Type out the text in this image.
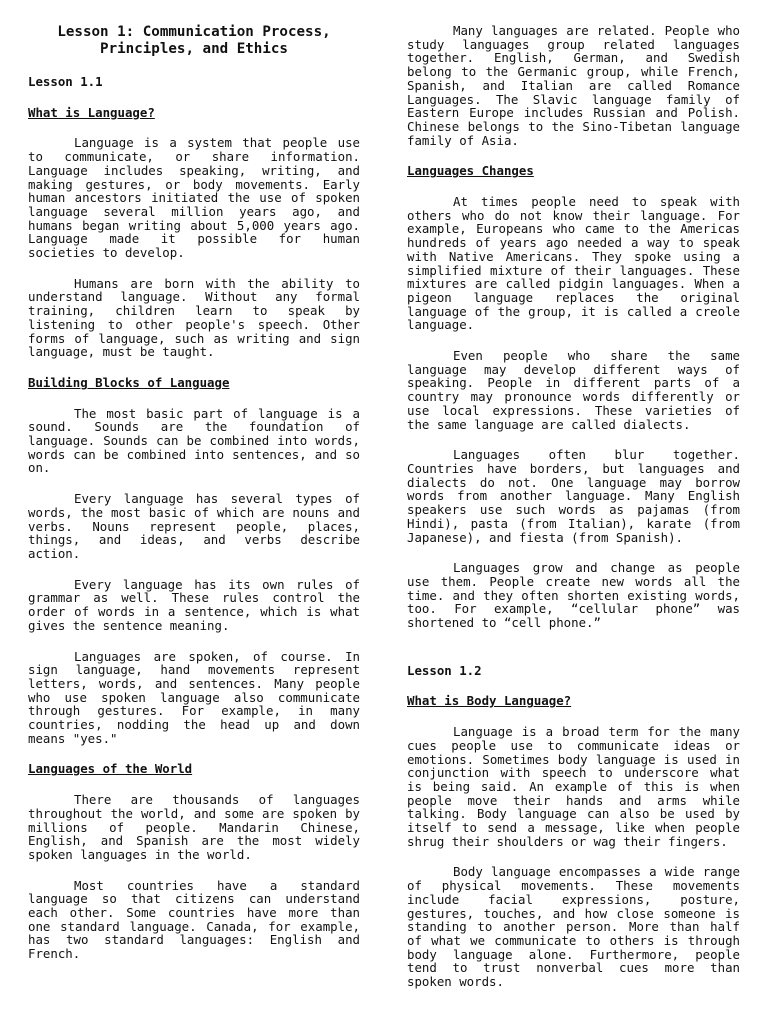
Lesson 1: Communication Process, Principles, and Ethics
Lesson 1.1
What is Language?

Language is a system that people use to communicate, or share information. Language includes speaking, writing, and making gestures, or body movements. Early human ancestors initiated the use of spoken language several million years ago, and humans began writing about 5,000 years ago. Language made it possible for human societies to develop.

Humans are born with the ability to understand language. Without any formal training, children learn to speak by listening to other people's speech. Other forms of language, such as writing and sign language, must be taught.

Building Blocks of Language

The most basic part of language is a sound. Sounds are the foundation of language. Sounds can be combined into words, words can be combined into sentences, and so on.

Every language has several types of words, the most basic of which are nouns and verbs. Nouns represent people, places, things, and ideas, and verbs describe action.

Every language has its own rules of grammar as well. These rules control the order of words in a sentence, which is what gives the sentence meaning.

Languages are spoken, of course. In sign language, hand movements represent letters, words, and sentences. Many people who use spoken language also communicate through gestures. For example, in many countries, nodding the head up and down means "yes."

Languages of the World

There are thousands of languages throughout the world, and some are spoken by millions of people. Mandarin Chinese, English, and Spanish are the most widely spoken languages in the world.

Most countries have a standard language so that citizens can understand each other. Some countries have more than one standard language. Canada, for example, has two standard languages: English and French.

Many languages are related. People who study languages group related languages together. English, German, and Swedish belong to the Germanic group, while French, Spanish, and Italian are called Romance Languages. The Slavic language family of Eastern Europe includes Russian and Polish. Chinese belongs to the Sino-Tibetan language family of Asia.

Languages Changes

At times people need to speak with others who do not know their language. For example, Europeans who came to the Americas hundreds of years ago needed a way to speak with Native Americans. They spoke using a simplified mixture of their languages. These mixtures are called pidgin languages. When a pigeon language replaces the original language of the group, it is called a creole language.

Even people who share the same language may develop different ways of speaking. People in different parts of a country may pronounce words differently or use local expressions. These varieties of the same language are called dialects.

Languages often blur together. Countries have borders, but languages and dialects do not. One language may borrow words from another language. Many English speakers use such words as pajamas (from Hindi), pasta (from Italian), karate (from Japanese), and fiesta (from Spanish).

Languages grow and change as people use them. People create new words all the time. and they often shorten existing words, too. For example, “cellular phone” was shortened to “cell phone.”

Lesson 1.2
What is Body Language?

Language is a broad term for the many cues people use to communicate ideas or emotions. Sometimes body language is used in conjunction with speech to underscore what is being said. An example of this is when people move their hands and arms while talking. Body language can also be used by itself to send a message, like when people shrug their shoulders or wag their fingers.

Body language encompasses a wide range of physical movements. These movements include facial expressions, posture, gestures, touches, and how close someone is standing to another person. More than half of what we communicate to others is through body language alone. Furthermore, people tend to trust nonverbal cues more than spoken words.
